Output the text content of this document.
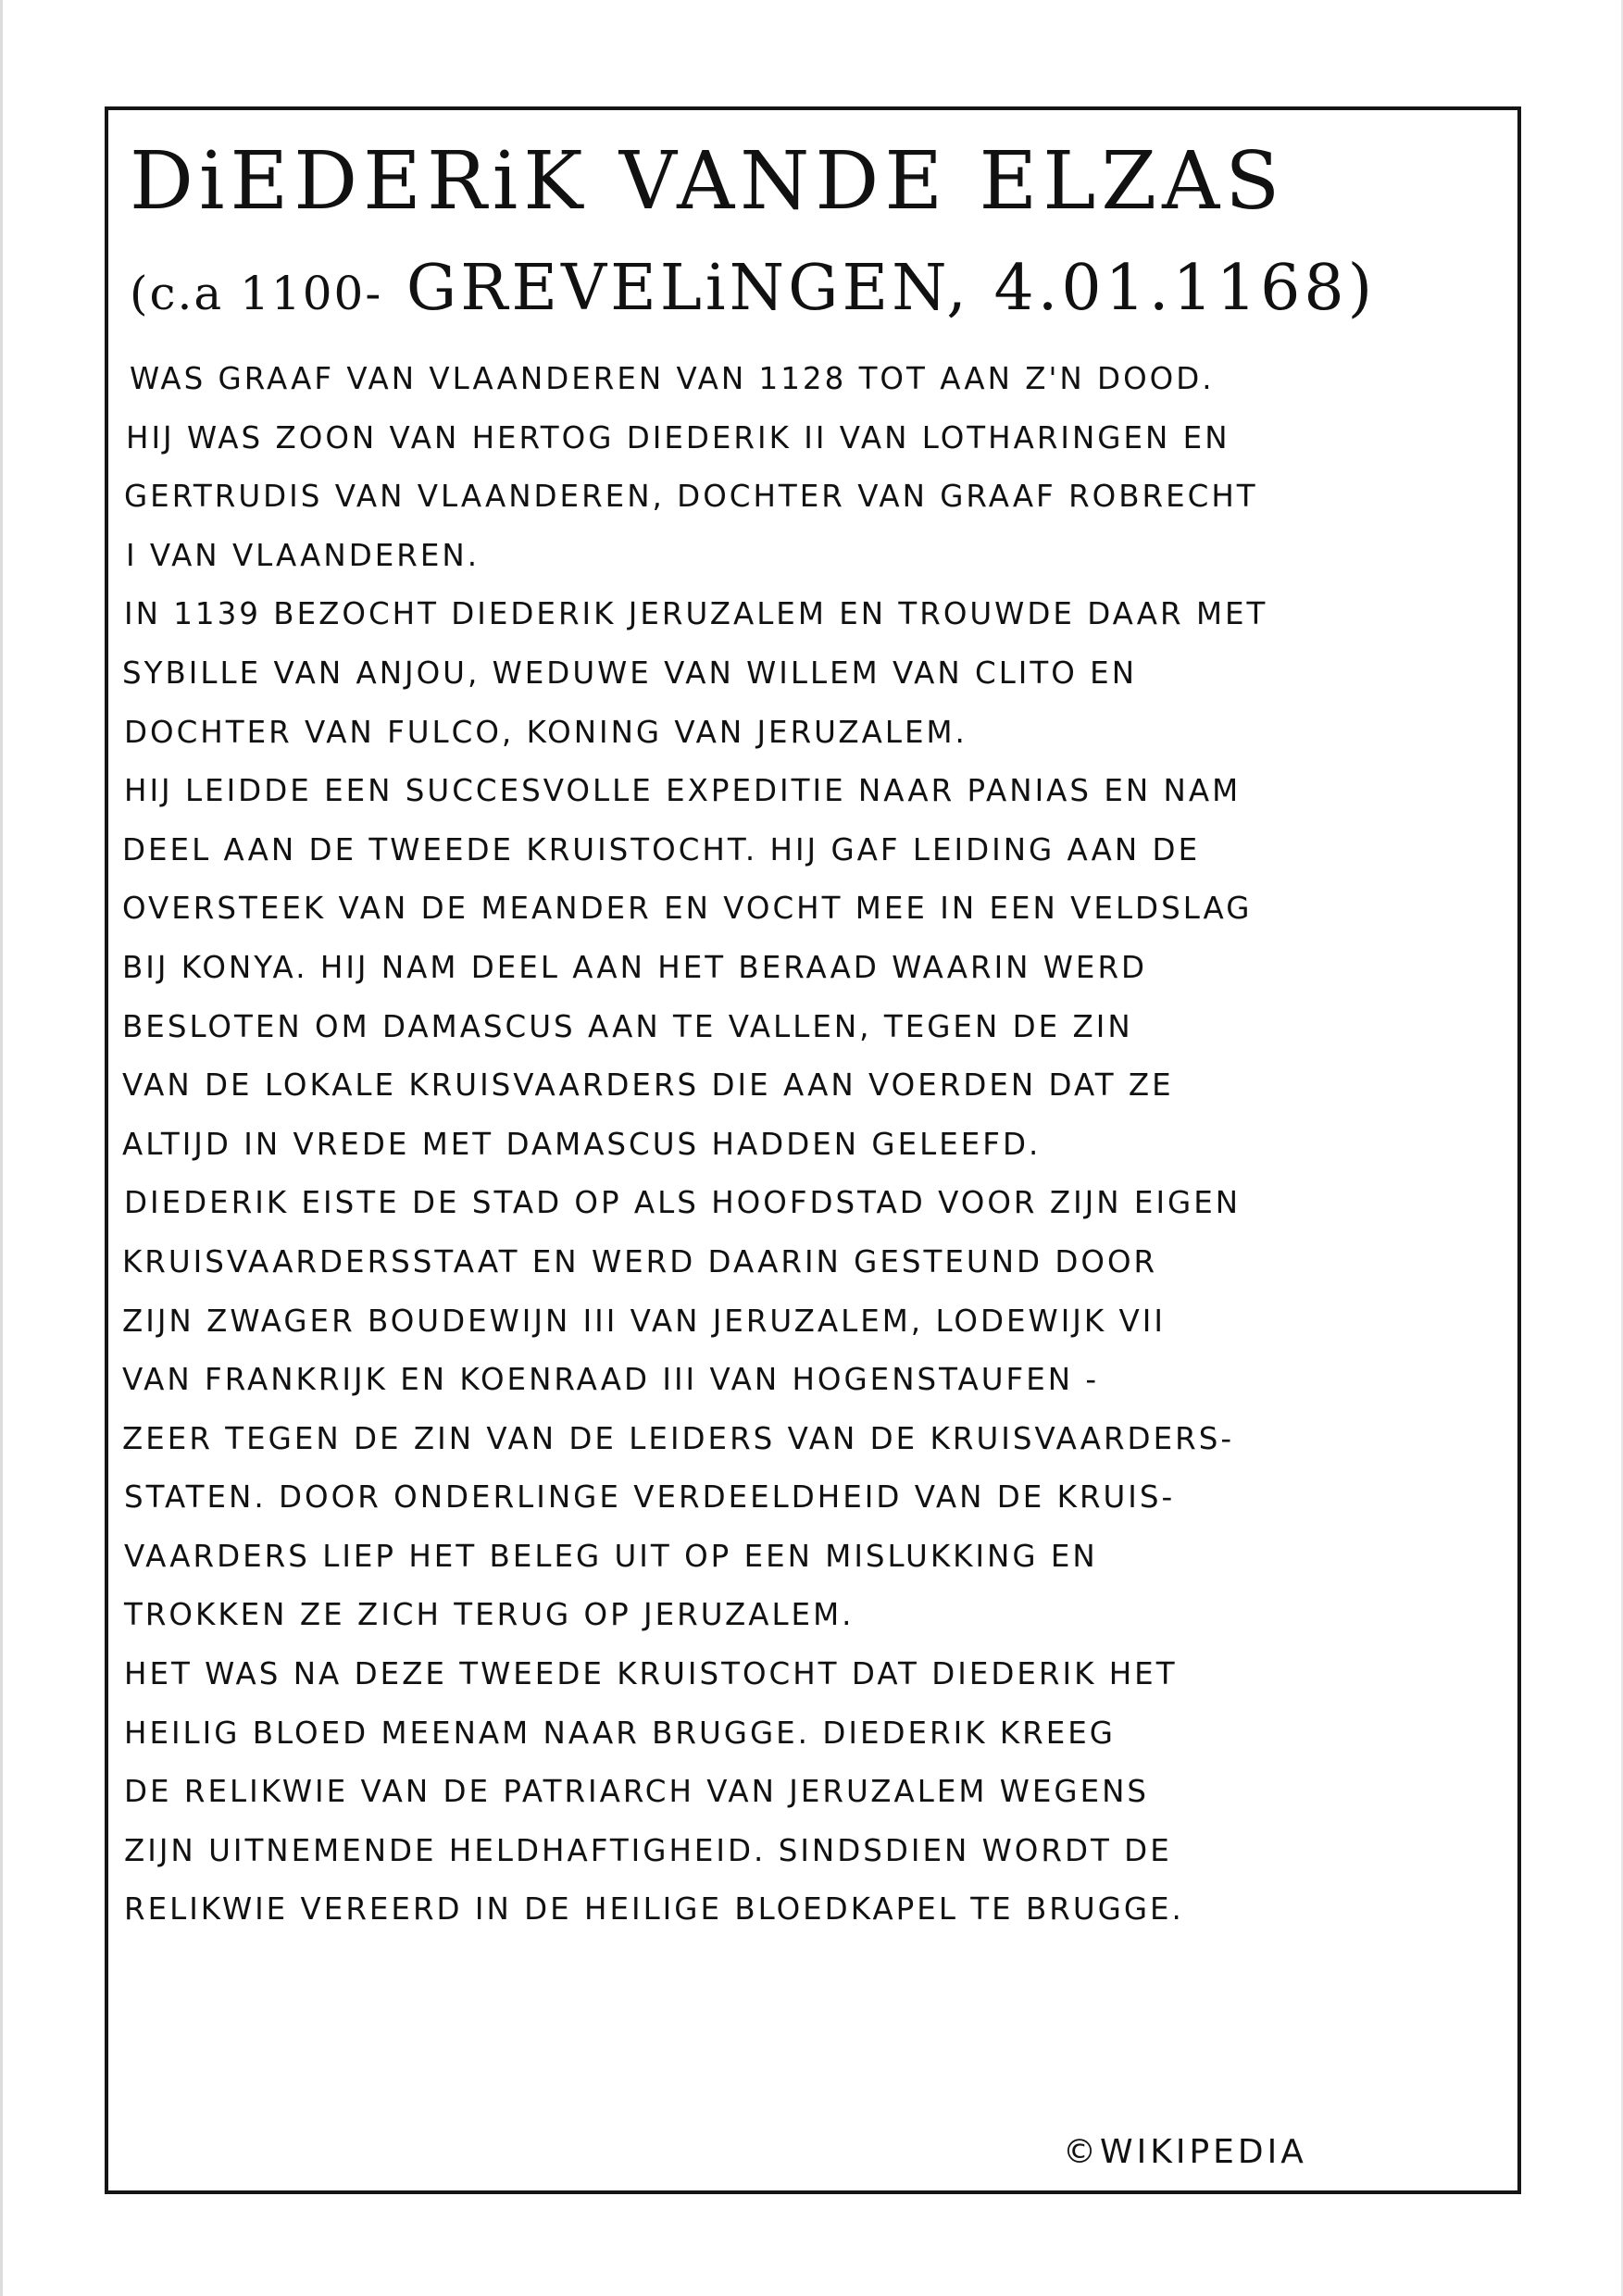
DiEDERiK VANDE ELZAS
(c.a 1100- GREVELiNGEN, 4.01.1168)
WAS GRAAF VAN VLAANDEREN VAN 1128 TOT AAN Z'N DOOD.
HIJ WAS ZOON VAN HERTOG DIEDERIK II VAN LOTHARINGEN EN
GERTRUDIS VAN VLAANDEREN, DOCHTER VAN GRAAF ROBRECHT
I VAN VLAANDEREN.
IN 1139 BEZOCHT DIEDERIK JERUZALEM EN TROUWDE DAAR MET
SYBILLE VAN ANJOU, WEDUWE VAN WILLEM VAN CLITO EN
DOCHTER VAN FULCO, KONING VAN JERUZALEM.
HIJ LEIDDE EEN SUCCESVOLLE EXPEDITIE NAAR PANIAS EN NAM
DEEL AAN DE TWEEDE KRUISTOCHT. HIJ GAF LEIDING AAN DE
OVERSTEEK VAN DE MEANDER EN VOCHT MEE IN EEN VELDSLAG
BIJ KONYA. HIJ NAM DEEL AAN HET BERAAD WAARIN WERD
BESLOTEN OM DAMASCUS AAN TE VALLEN, TEGEN DE ZIN
VAN DE LOKALE KRUISVAARDERS DIE AAN VOERDEN DAT ZE
ALTIJD IN VREDE MET DAMASCUS HADDEN GELEEFD.
DIEDERIK EISTE DE STAD OP ALS HOOFDSTAD VOOR ZIJN EIGEN
KRUISVAARDERSSTAAT EN WERD DAARIN GESTEUND DOOR
ZIJN ZWAGER BOUDEWIJN III VAN JERUZALEM, LODEWIJK VII
VAN FRANKRIJK EN KOENRAAD III VAN HOGENSTAUFEN -
ZEER TEGEN DE ZIN VAN DE LEIDERS VAN DE KRUISVAARDERS-
STATEN. DOOR ONDERLINGE VERDEELDHEID VAN DE KRUIS-
VAARDERS LIEP HET BELEG UIT OP EEN MISLUKKING EN
TROKKEN ZE ZICH TERUG OP JERUZALEM.
HET WAS NA DEZE TWEEDE KRUISTOCHT DAT DIEDERIK HET
HEILIG BLOED MEENAM NAAR BRUGGE. DIEDERIK KREEG
DE RELIKWIE VAN DE PATRIARCH VAN JERUZALEM WEGENS
ZIJN UITNEMENDE HELDHAFTIGHEID. SINDSDIEN WORDT DE
RELIKWIE VEREERD IN DE HEILIGE BLOEDKAPEL TE BRUGGE.
©WIKIPEDIA
